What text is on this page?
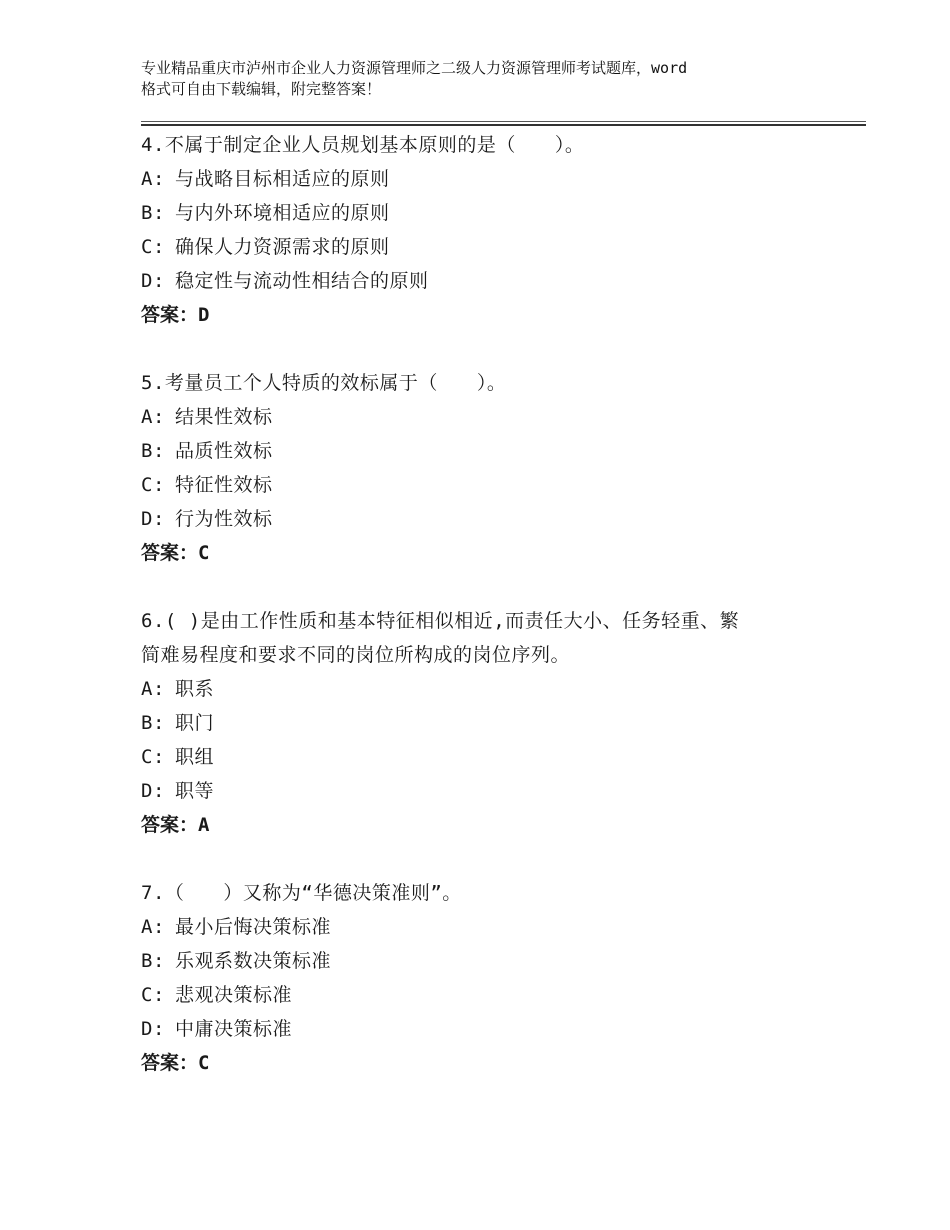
专业精品重庆市泸州市企业人力资源管理师之二级人力资源管理师考试题库，word
格式可自由下载编辑，附完整答案！
4.不属于制定企业人员规划基本原则的是（　　）。
A: 与战略目标相适应的原则
B: 与内外环境相适应的原则
C: 确保人力资源需求的原则
D: 稳定性与流动性相结合的原则
答案：D
5.考量员工个人特质的效标属于（　　）。
A: 结果性效标
B: 品质性效标
C: 特征性效标
D: 行为性效标
答案：C
6.( )是由工作性质和基本特征相似相近,而责任大小、任务轻重、繁
简难易程度和要求不同的岗位所构成的岗位序列。
A: 职系
B: 职门
C: 职组
D: 职等
答案：A
7.（　　）又称为“华德决策准则”。
A: 最小后悔决策标准
B: 乐观系数决策标准
C: 悲观决策标准
D: 中庸决策标准
答案：C
